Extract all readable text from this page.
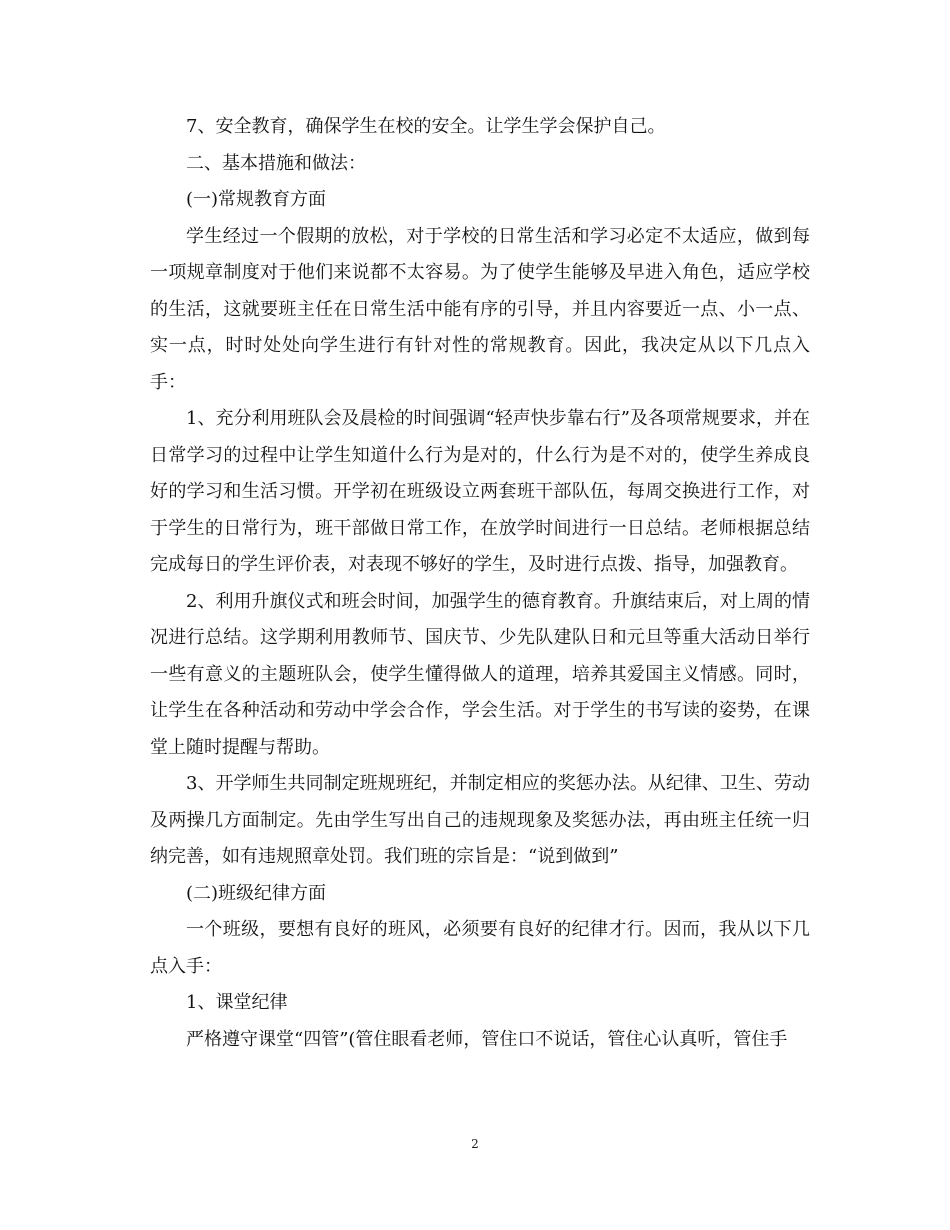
7、安全教育，确保学生在校的安全。让学生学会保护自己。

二、基本措施和做法：

(一)常规教育方面

学生经过一个假期的放松，对于学校的日常生活和学习必定不太适应，做到每一项规章制度对于他们来说都不太容易。为了使学生能够及早进入角色，适应学校的生活，这就要班主任在日常生活中能有序的引导，并且内容要近一点、小一点、实一点，时时处处向学生进行有针对性的常规教育。因此，我决定从以下几点入手：

1、充分利用班队会及晨检的时间强调“轻声快步靠右行”及各项常规要求，并在日常学习的过程中让学生知道什么行为是对的，什么行为是不对的，使学生养成良好的学习和生活习惯。开学初在班级设立两套班干部队伍，每周交换进行工作，对于学生的日常行为，班干部做日常工作，在放学时间进行一日总结。老师根据总结完成每日的学生评价表，对表现不够好的学生，及时进行点拨、指导，加强教育。

2、利用升旗仪式和班会时间，加强学生的德育教育。升旗结束后，对上周的情况进行总结。这学期利用教师节、国庆节、少先队建队日和元旦等重大活动日举行一些有意义的主题班队会，使学生懂得做人的道理，培养其爱国主义情感。同时，让学生在各种活动和劳动中学会合作，学会生活。对于学生的书写读的姿势，在课堂上随时提醒与帮助。

3、开学师生共同制定班规班纪，并制定相应的奖惩办法。从纪律、卫生、劳动及两操几方面制定。先由学生写出自己的违规现象及奖惩办法，再由班主任统一归纳完善，如有违规照章处罚。我们班的宗旨是：“说到做到”

(二)班级纪律方面

一个班级，要想有良好的班风，必须要有良好的纪律才行。因而，我从以下几点入手：

1、课堂纪律

严格遵守课堂“四管”(管住眼看老师，管住口不说话，管住心认真听，管住手

2
